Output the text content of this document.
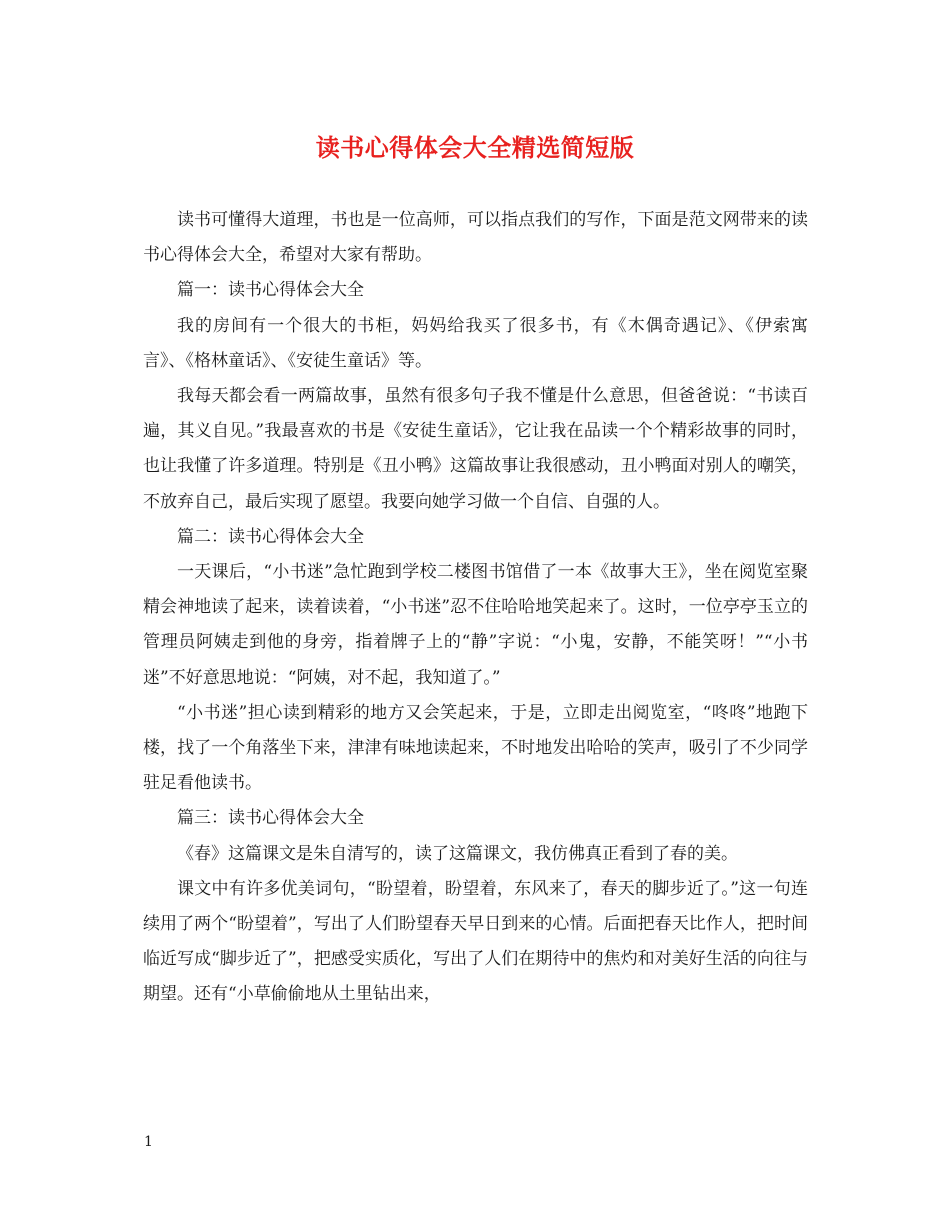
读书心得体会大全精选简短版

读书可懂得大道理，书也是一位高师，可以指点我们的写作，下面是范文网带来的读书心得体会大全，希望对大家有帮助。

篇一：读书心得体会大全

我的房间有一个很大的书柜，妈妈给我买了很多书，有《木偶奇遇记》、《伊索寓言》、《格林童话》、《安徒生童话》等。

我每天都会看一两篇故事，虽然有很多句子我不懂是什么意思，但爸爸说：“书读百遍，其义自见。”我最喜欢的书是《安徒生童话》，它让我在品读一个个精彩故事的同时，也让我懂了许多道理。特别是《丑小鸭》这篇故事让我很感动，丑小鸭面对别人的嘲笑，不放弃自己，最后实现了愿望。我要向她学习做一个自信、自强的人。

篇二：读书心得体会大全

一天课后，“小书迷”急忙跑到学校二楼图书馆借了一本《故事大王》，坐在阅览室聚精会神地读了起来，读着读着，“小书迷”忍不住哈哈地笑起来了。这时，一位亭亭玉立的管理员阿姨走到他的身旁，指着牌子上的“静”字说：“小鬼，安静，不能笑呀！”“小书迷”不好意思地说：“阿姨，对不起，我知道了。”

“小书迷”担心读到精彩的地方又会笑起来，于是，立即走出阅览室，“咚咚”地跑下楼，找了一个角落坐下来，津津有味地读起来，不时地发出哈哈的笑声，吸引了不少同学驻足看他读书。

篇三：读书心得体会大全

《春》这篇课文是朱自清写的，读了这篇课文，我仿佛真正看到了春的美。

课文中有许多优美词句，“盼望着，盼望着，东风来了，春天的脚步近了。”这一句连续用了两个“盼望着”，写出了人们盼望春天早日到来的心情。后面把春天比作人，把时间临近写成“脚步近了”，把感受实质化，写出了人们在期待中的焦灼和对美好生活的向往与期望。还有“小草偷偷地从土里钻出来，

1
